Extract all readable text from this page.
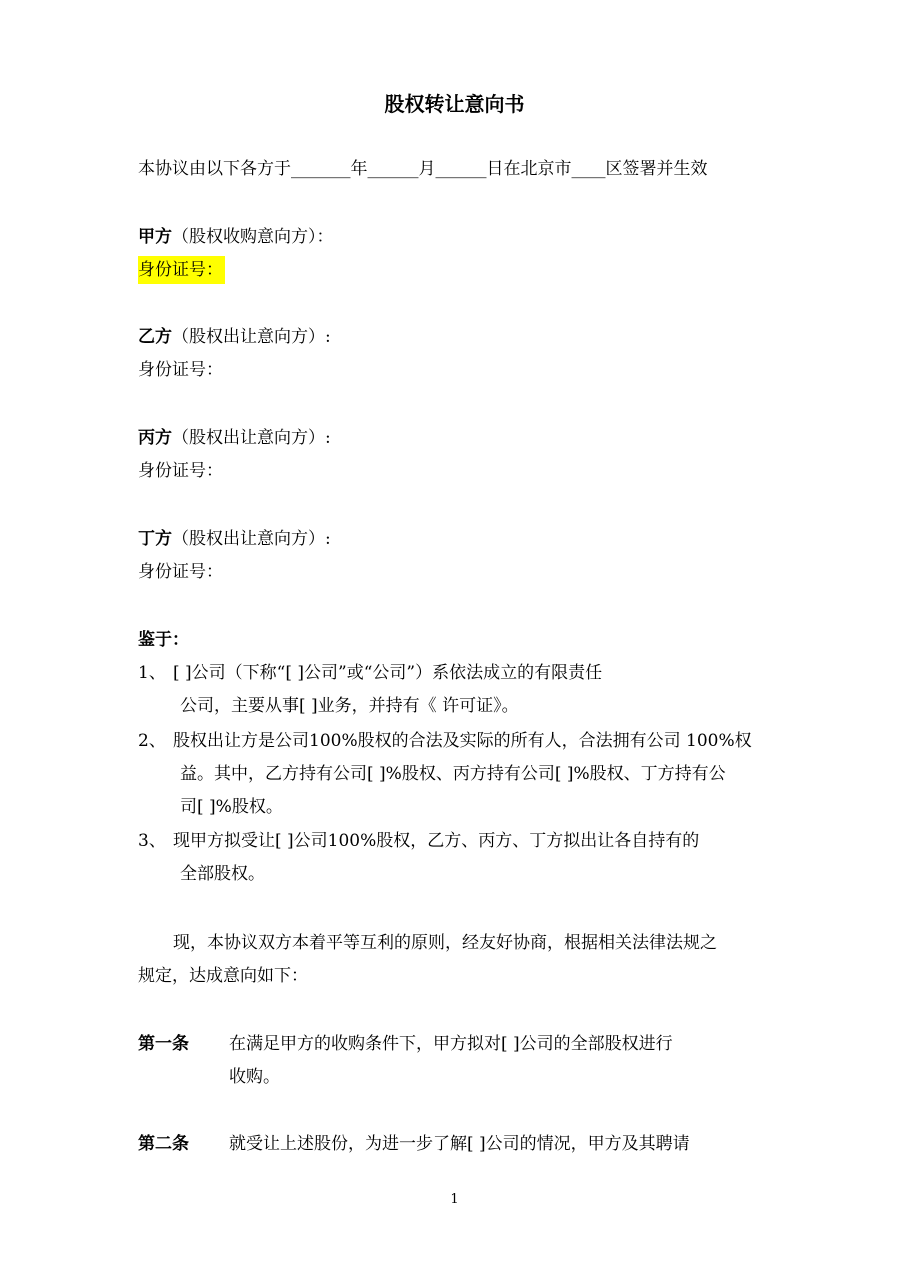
股权转让意向书
本协议由以下各方于_______年______月______日在北京市____区签署并生效
甲方（股权收购意向方）：
身份证号：
乙方（股权出让意向方）:
身份证号：
丙方（股权出让意向方）:
身份证号：
丁方（股权出让意向方）:
身份证号：
鉴于：
1、 [ ]公司（下称“[ ]公司”或“公司”）系依法成立的有限责任
公司，主要从事[ ]业务，并持有《 许可证》。
2、 股权出让方是公司100%股权的合法及实际的所有人，合法拥有公司 100%权
益。其中，乙方持有公司[ ]%股权、丙方持有公司[ ]%股权、丁方持有公
司[ ]%股权。
3、 现甲方拟受让[ ]公司100%股权，乙方、丙方、丁方拟出让各自持有的
全部股权。
现，本协议双方本着平等互利的原则，经友好协商，根据相关法律法规之
规定，达成意向如下：
第一条 在满足甲方的收购条件下，甲方拟对[ ]公司的全部股权进行
收购。
第二条 就受让上述股份，为进一步了解[ ]公司的情况，甲方及其聘请
1
